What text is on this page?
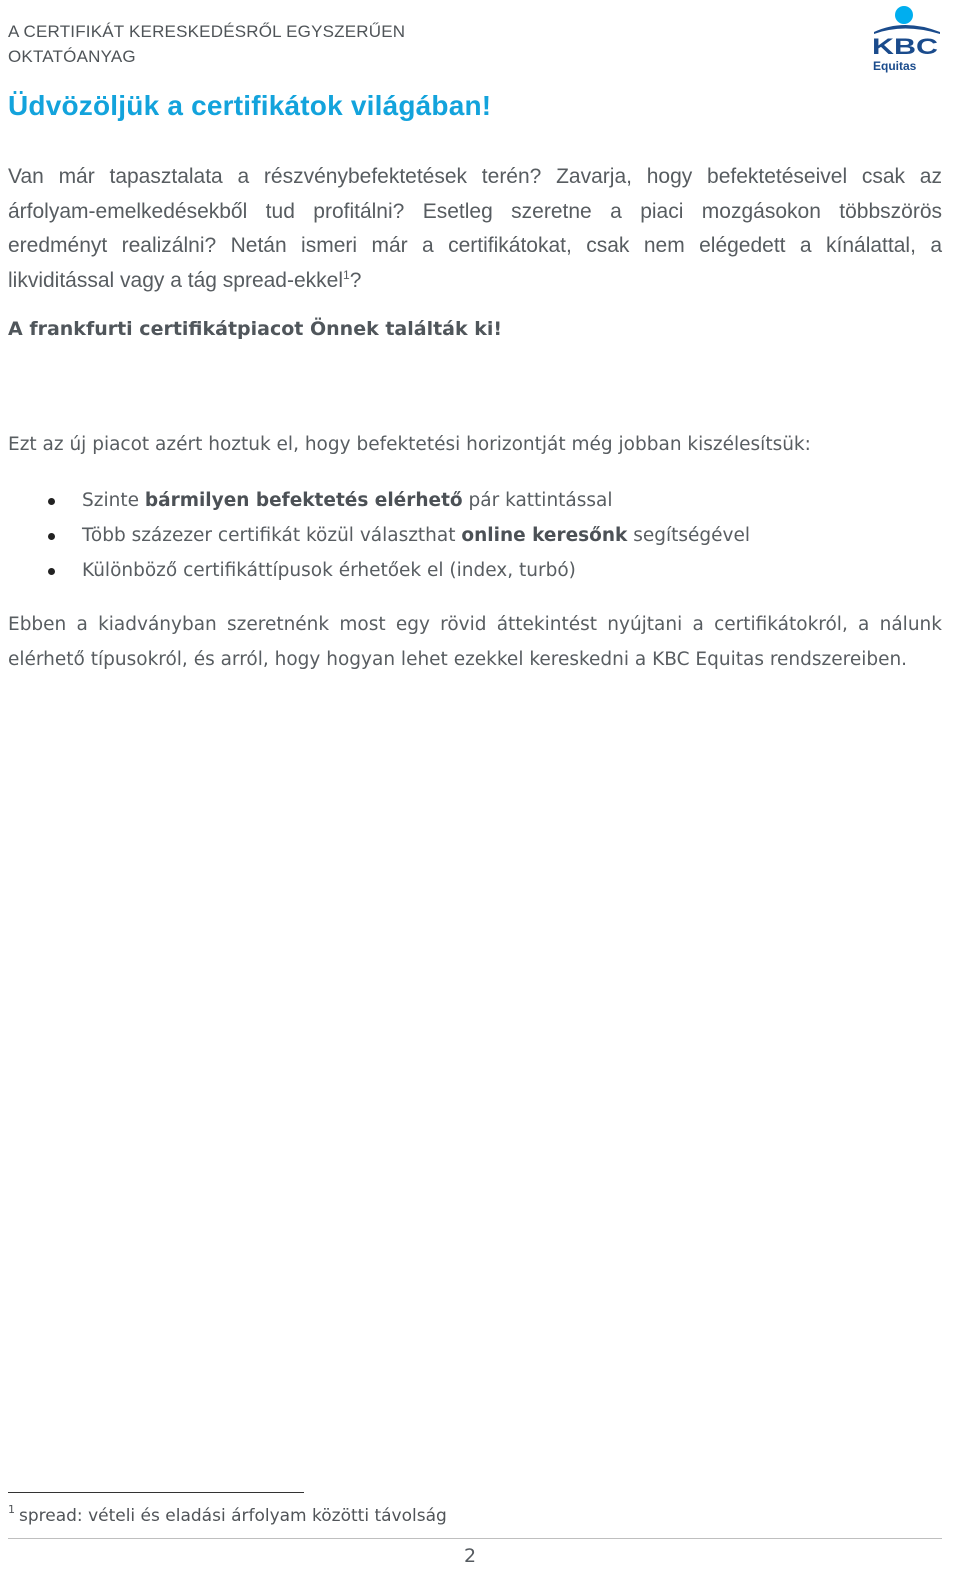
A CERTIFIKÁT KERESKEDÉSRŐL EGYSZERŰEN
OKTATÓANYAG	KBC
Equitas
Üdvözöljük a certifikátok világában!

Van már tapasztalata a részvénybefektetések terén? Zavarja, hogy befektetéseivel csak az árfolyam-emelkedésekből tud profitálni? Esetleg szeretne a piaci mozgásokon többszörös eredményt realizálni? Netán ismeri már a certifikátokat, csak nem elégedett a kínálattal, a likviditással vagy a tág spread-ekkel$^1$?

A frankfurti certifikátpiacot Önnek találták ki!

Ezt az új piacot azért hoztuk el, hogy befektetési horizontját még jobban kiszélesítsük:

Szinte bármilyen befektetés elérhető pár kattintással
Több százezer certifikát közül választhat online keresőnk segítségével
Különböző certifikáttípusok érhetőek el (index, turbó)

Ebben a kiadványban szeretnénk most egy rövid áttekintést nyújtani a certifikátokról, a nálunk elérhető típusokról, és arról, hogy hogyan lehet ezekkel kereskedni a KBC Equitas rendszereiben.

$^1$ spread: vételi és eladási árfolyam közötti távolság

2
